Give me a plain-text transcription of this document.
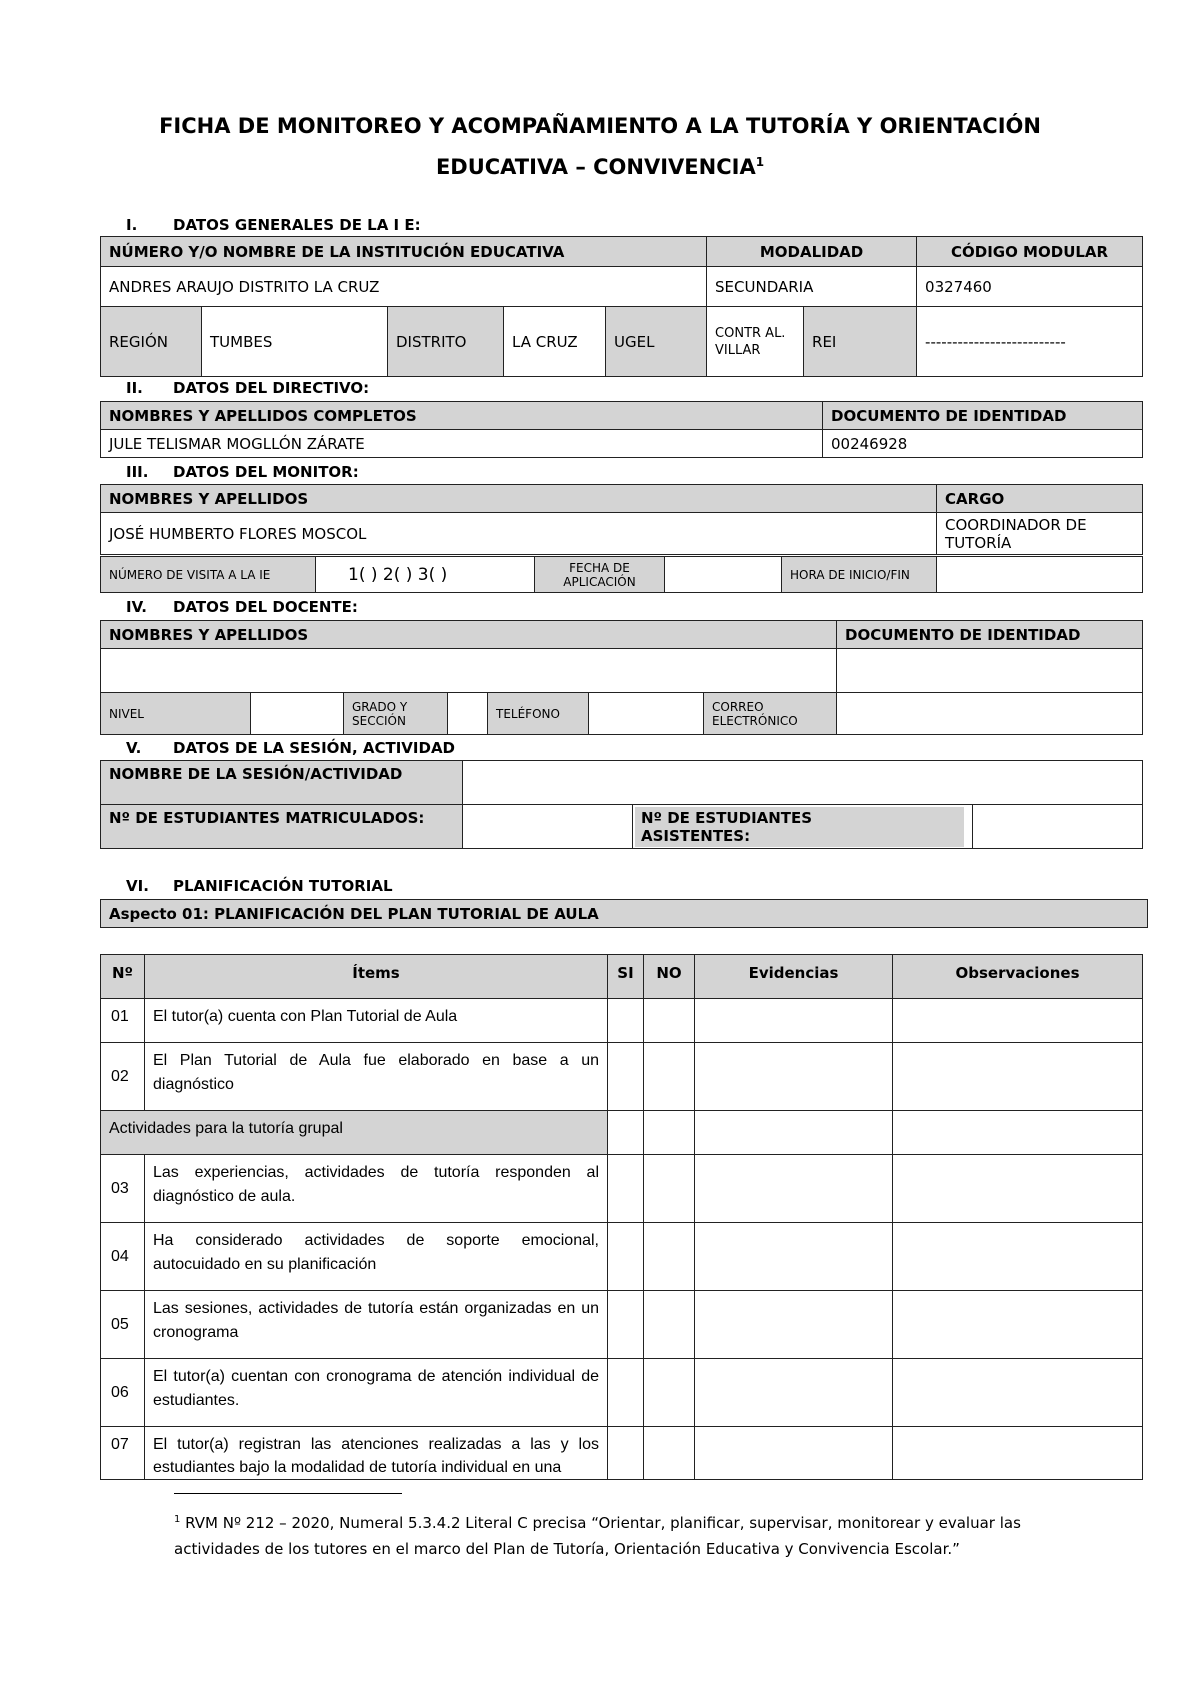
FICHA DE MONITOREO Y ACOMPAÑAMIENTO A LA TUTORÍA Y ORIENTACIÓN
EDUCATIVA – CONVIVENCIA$^1$
I. DATOS GENERALES DE LA I E:
NÚMERO Y/O NOMBRE DE LA INSTITUCIÓN EDUCATIVA					MODALIDAD		CÓDIGO MODULAR
ANDRES ARAUJO DISTRITO LA CRUZ					SECUNDARIA		0327460
REGIÓN	TUMBES	DISTRITO	LA CRUZ	UGEL	CONTR AL. VILLAR	REI	--------------------------
II. DATOS DEL DIRECTIVO:
NOMBRES Y APELLIDOS COMPLETOS	DOCUMENTO DE IDENTIDAD
JULE TELISMAR MOGLLÓN ZÁRATE	00246928
III. DATOS DEL MONITOR:
NOMBRES Y APELLIDOS	CARGO
JOSÉ HUMBERTO FLORES MOSCOL	COORDINADOR DE TUTORÍA
NÚMERO DE VISITA A LA IE	1( ) 2( ) 3( )	FECHA DE APLICACIÓN		HORA DE INICIO/FIN	
IV. DATOS DEL DOCENTE:
NOMBRES Y APELLIDOS	DOCUMENTO DE IDENTIDAD

NIVEL		GRADO Y SECCIÓN		TELÉFONO		CORREO ELECTRÓNICO	
V. DATOS DE LA SESIÓN, ACTIVIDAD
NOMBRE DE LA SESIÓN/ACTIVIDAD			
Nº DE ESTUDIANTES MATRICULADOS:		Nº DE ESTUDIANTES ASISTENTES:	
VI. PLANIFICACIÓN TUTORIAL
Aspecto 01: PLANIFICACIÓN DEL PLAN TUTORIAL DE AULA
Nº	Ítems	SI	NO	Evidencias	Observaciones
01	El tutor(a) cuenta con Plan Tutorial de Aula				
02	El Plan Tutorial de Aula fue elaborado en base a un diagnóstico				
Actividades para la tutoría grupal					
03	Las experiencias, actividades de tutoría responden al diagnóstico de aula.				
04	Ha considerado actividades de soporte emocional, autocuidado en su planificación				
05	Las sesiones, actividades de tutoría están organizadas en un cronograma				
06	El tutor(a) cuentan con cronograma de atención individual de estudiantes.				
07	El tutor(a) registran las atenciones realizadas a las y los estudiantes bajo la modalidad de tutoría individual en una				
$^1$ RVM Nº 212 – 2020, Numeral 5.3.4.2 Literal C precisa “Orientar, planificar, supervisar, monitorear y evaluar las actividades de los tutores en el marco del Plan de Tutoría, Orientación Educativa y Convivencia Escolar.”
